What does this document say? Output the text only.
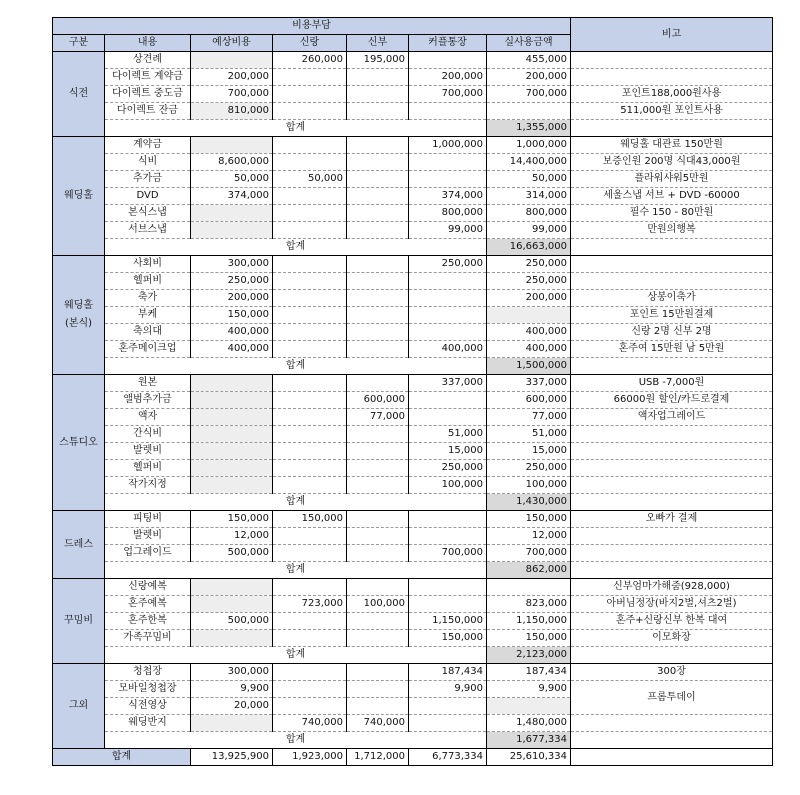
비용부담							비고
구분	내용	예상비용	신랑	신부	커플통장	실사용금액	
식전	상견례		260,000	195,000		455,000	
	다이렉트 계약금	200,000			200,000	200,000	
	다이렉트 중도금	700,000			700,000	700,000	포인트188,000원사용
	다이렉트 잔금	810,000					511,000원 포인트사용
	합계					1,355,000	
웨딩홀	계약금				1,000,000	1,000,000	웨딩홀 대관료 150만원
	식비	8,600,000				14,400,000	보증인원 200명 식대43,000원
	추가금	50,000	50,000			50,000	플라워샤워5만원
	DVD	374,000			374,000	314,000	세울스냅 서브 + DVD -60000
	본식스냅				800,000	800,000	필수 150 - 80만원
	서브스냅				99,000	99,000	만원의행복
	합계					16,663,000	
웨딩홀
(본식)	사회비	300,000			250,000	250,000	
	헬퍼비	250,000				250,000	
	축가	200,000				200,000	상봉이축가
	부케	150,000					포인트 15만원결제
	축의대	400,000				400,000	신랑 2명 신부 2명
	혼주메이크업	400,000			400,000	400,000	혼주여 15만원 남 5만원
	합계					1,500,000	
스튜디오	원본				337,000	337,000	USB -7,000원
	앨범추가금			600,000		600,000	66000원 할인/카드로결제
	액자			77,000		77,000	액자업그레이드
	간식비				51,000	51,000	
	발렛비				15,000	15,000	
	헬퍼비				250,000	250,000	
	작가지정				100,000	100,000	
	합계					1,430,000	
드레스	피팅비	150,000	150,000			150,000	오빠가 결제
	발렛비	12,000				12,000	
	업그레이드	500,000			700,000	700,000	
	합계					862,000	
꾸밈비	신랑예복						신부엄마가해줌(928,000)
	혼주예복		723,000	100,000		823,000	아버님정장(바지2벌,셔츠2벌)
	혼주한복	500,000			1,150,000	1,150,000	혼주+신랑신부 한복 대여
	가족꾸밈비				150,000	150,000	이모화장
	합계					2,123,000	
그외	청첩장	300,000			187,434	187,434	300장
	모바일청첩장	9,900			9,900	9,900	프롬투데이
	식전영상	20,000					
	웨딩반지		740,000	740,000		1,480,000	
	합계					1,677,334	
합계		13,925,900	1,923,000	1,712,000	6,773,334	25,610,334	
